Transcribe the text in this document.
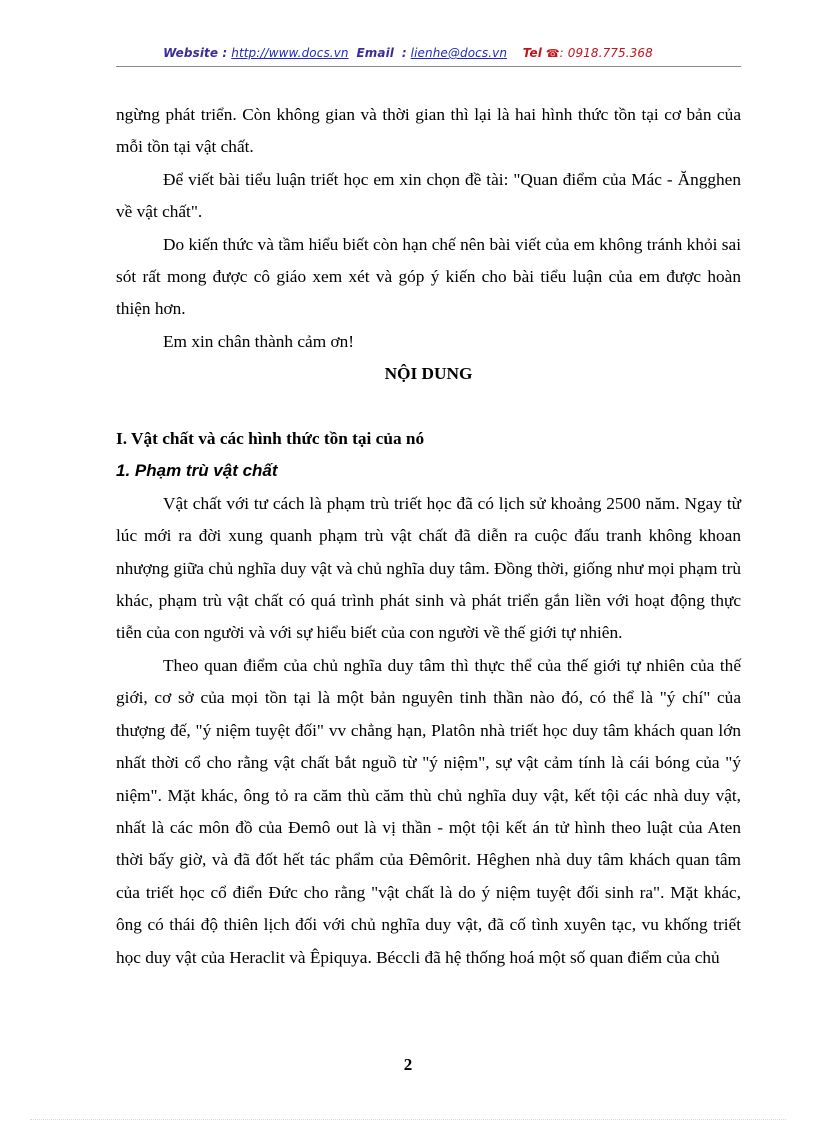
Website : http://www.docs.vn Email : lienhe@docs.vn Tel ☎: 0918.775.368

ngừng phát triển. Còn không gian và thời gian thì lại là hai hình thức tồn tại cơ bản của mỗi tồn tại vật chất.

Để viết bài tiểu luận triết học em xin chọn đề tài: "Quan điểm của Mác - Ăngghen về vật chất".

Do kiến thức và tầm hiểu biết còn hạn chế nên bài viết của em không tránh khỏi sai sót rất mong được cô giáo xem xét và góp ý kiến cho bài tiểu luận của em được hoàn thiện hơn.

Em xin chân thành cảm ơn!

NỘI DUNG

I. Vật chất và các hình thức tồn tại của nó

1. Phạm trù vật chất

Vật chất với tư cách là phạm trù triết học đã có lịch sử khoảng 2500 năm. Ngay từ lúc mới ra đời xung quanh phạm trù vật chất đã diễn ra cuộc đấu tranh không khoan nhượng giữa chủ nghĩa duy vật và chủ nghĩa duy tâm. Đồng thời, giống như mọi phạm trù khác, phạm trù vật chất có quá trình phát sinh và phát triển gắn liền với hoạt động thực tiễn của con người và với sự hiểu biết của con người về thế giới tự nhiên.

Theo quan điểm của chủ nghĩa duy tâm thì thực thể của thế giới tự nhiên của thế giới, cơ sở của mọi tồn tại là một bản nguyên tinh thần nào đó, có thể là "ý chí" của thượng đế, "ý niệm tuyệt đối" vv chẳng hạn, Platôn nhà triết học duy tâm khách quan lớn nhất thời cổ cho rằng vật chất bắt nguồ từ "ý niệm", sự vật cảm tính là cái bóng của "ý niệm". Mặt khác, ông tỏ ra căm thù căm thù chủ nghĩa duy vật, kết tội các nhà duy vật, nhất là các môn đồ của Đemô out là vị thần - một tội kết án tử hình theo luật của Aten thời bấy giờ, và đã đốt hết tác phẩm của Đêmôrit. Hêghen nhà duy tâm khách quan tâm của triết học cổ điển Đức cho rằng "vật chất là do ý niệm tuyệt đối sinh ra". Mặt khác, ông có thái độ thiên lịch đối với chủ nghĩa duy vật, đã cố tình xuyên tạc, vu khống triết học duy vật của Heraclit và Êpiquya. Béccli đã hệ thống hoá một số quan điểm của chủ

2
